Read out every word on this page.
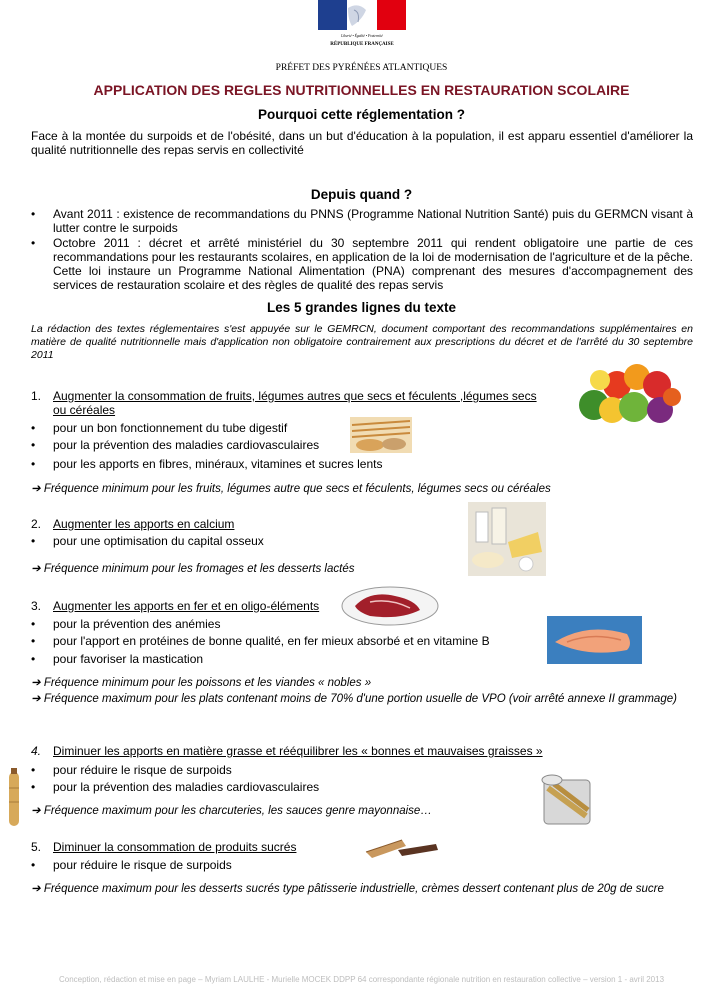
Liberté • Égalité • Fraternité
RÉPUBLIQUE FRANÇAISE
PRÉFET DES PYRÉNÉES ATLANTIQUES
APPLICATION DES REGLES NUTRITIONNELLES EN RESTAURATION SCOLAIRE
Pourquoi cette réglementation ?
Face à la montée du surpoids et de l'obésité, dans un but d'éducation à la population, il est apparu essentiel d'améliorer la qualité nutritionnelle des repas servis en collectivité
Depuis quand ?
• Avant 2011 : existence de recommandations du PNNS (Programme National Nutrition Santé) puis du GERMCN visant à lutter contre le surpoids
• Octobre 2011 : décret et arrêté ministériel du 30 septembre 2011 qui rendent obligatoire une partie de ces recommandations pour les restaurants scolaires, en application de la loi de modernisation de l'agriculture et de la pêche. Cette loi instaure un Programme National Alimentation (PNA) comprenant des mesures d'accompagnement des services de restauration scolaire et des règles de qualité des repas servis
Les 5 grandes lignes du texte
La rédaction des textes réglementaires s'est appuyée sur le GEMRCN, document comportant des recommandations supplémentaires en matière de qualité nutritionnelle mais d'application non obligatoire contrairement aux prescriptions du décret et de l'arrêté du 30 septembre 2011
1. Augmenter la consommation de fruits, légumes autres que secs et féculents ,légumes secs
ou céréales
• pour un bon fonctionnement du tube digestif
• pour la prévention des maladies cardiovasculaires
• pour les apports en fibres, minéraux, vitamines et sucres lents
➔ Fréquence minimum pour les fruits, légumes autre que secs et féculents, légumes secs ou céréales
2. Augmenter les apports en calcium
• pour une optimisation du capital osseux
➔ Fréquence minimum pour les fromages et les desserts lactés
3. Augmenter les apports en fer et en oligo-éléments
• pour la prévention des anémies
• pour l'apport en protéines de bonne qualité, en fer mieux absorbé et en vitamine B
• pour favoriser la mastication
➔ Fréquence minimum pour les poissons et les viandes « nobles »
➔ Fréquence maximum pour les plats contenant moins de 70% d'une portion usuelle de VPO (voir arrêté annexe II grammage)
4. Diminuer les apports en matière grasse et rééquilibrer les « bonnes et mauvaises graisses »
• pour réduire le risque de surpoids
• pour la prévention des maladies cardiovasculaires
➔ Fréquence maximum pour les charcuteries, les sauces genre mayonnaise…
5. Diminuer la consommation de produits sucrés
• pour réduire le risque de surpoids
➔ Fréquence maximum pour les desserts sucrés type pâtisserie industrielle, crèmes dessert contenant plus de 20g de sucre
Conception, rédaction et mise en page – Myriam LAULHE - Murielle MOCEK DDPP 64 correspondante régionale nutrition en restauration collective – version 1 - avril 2013
